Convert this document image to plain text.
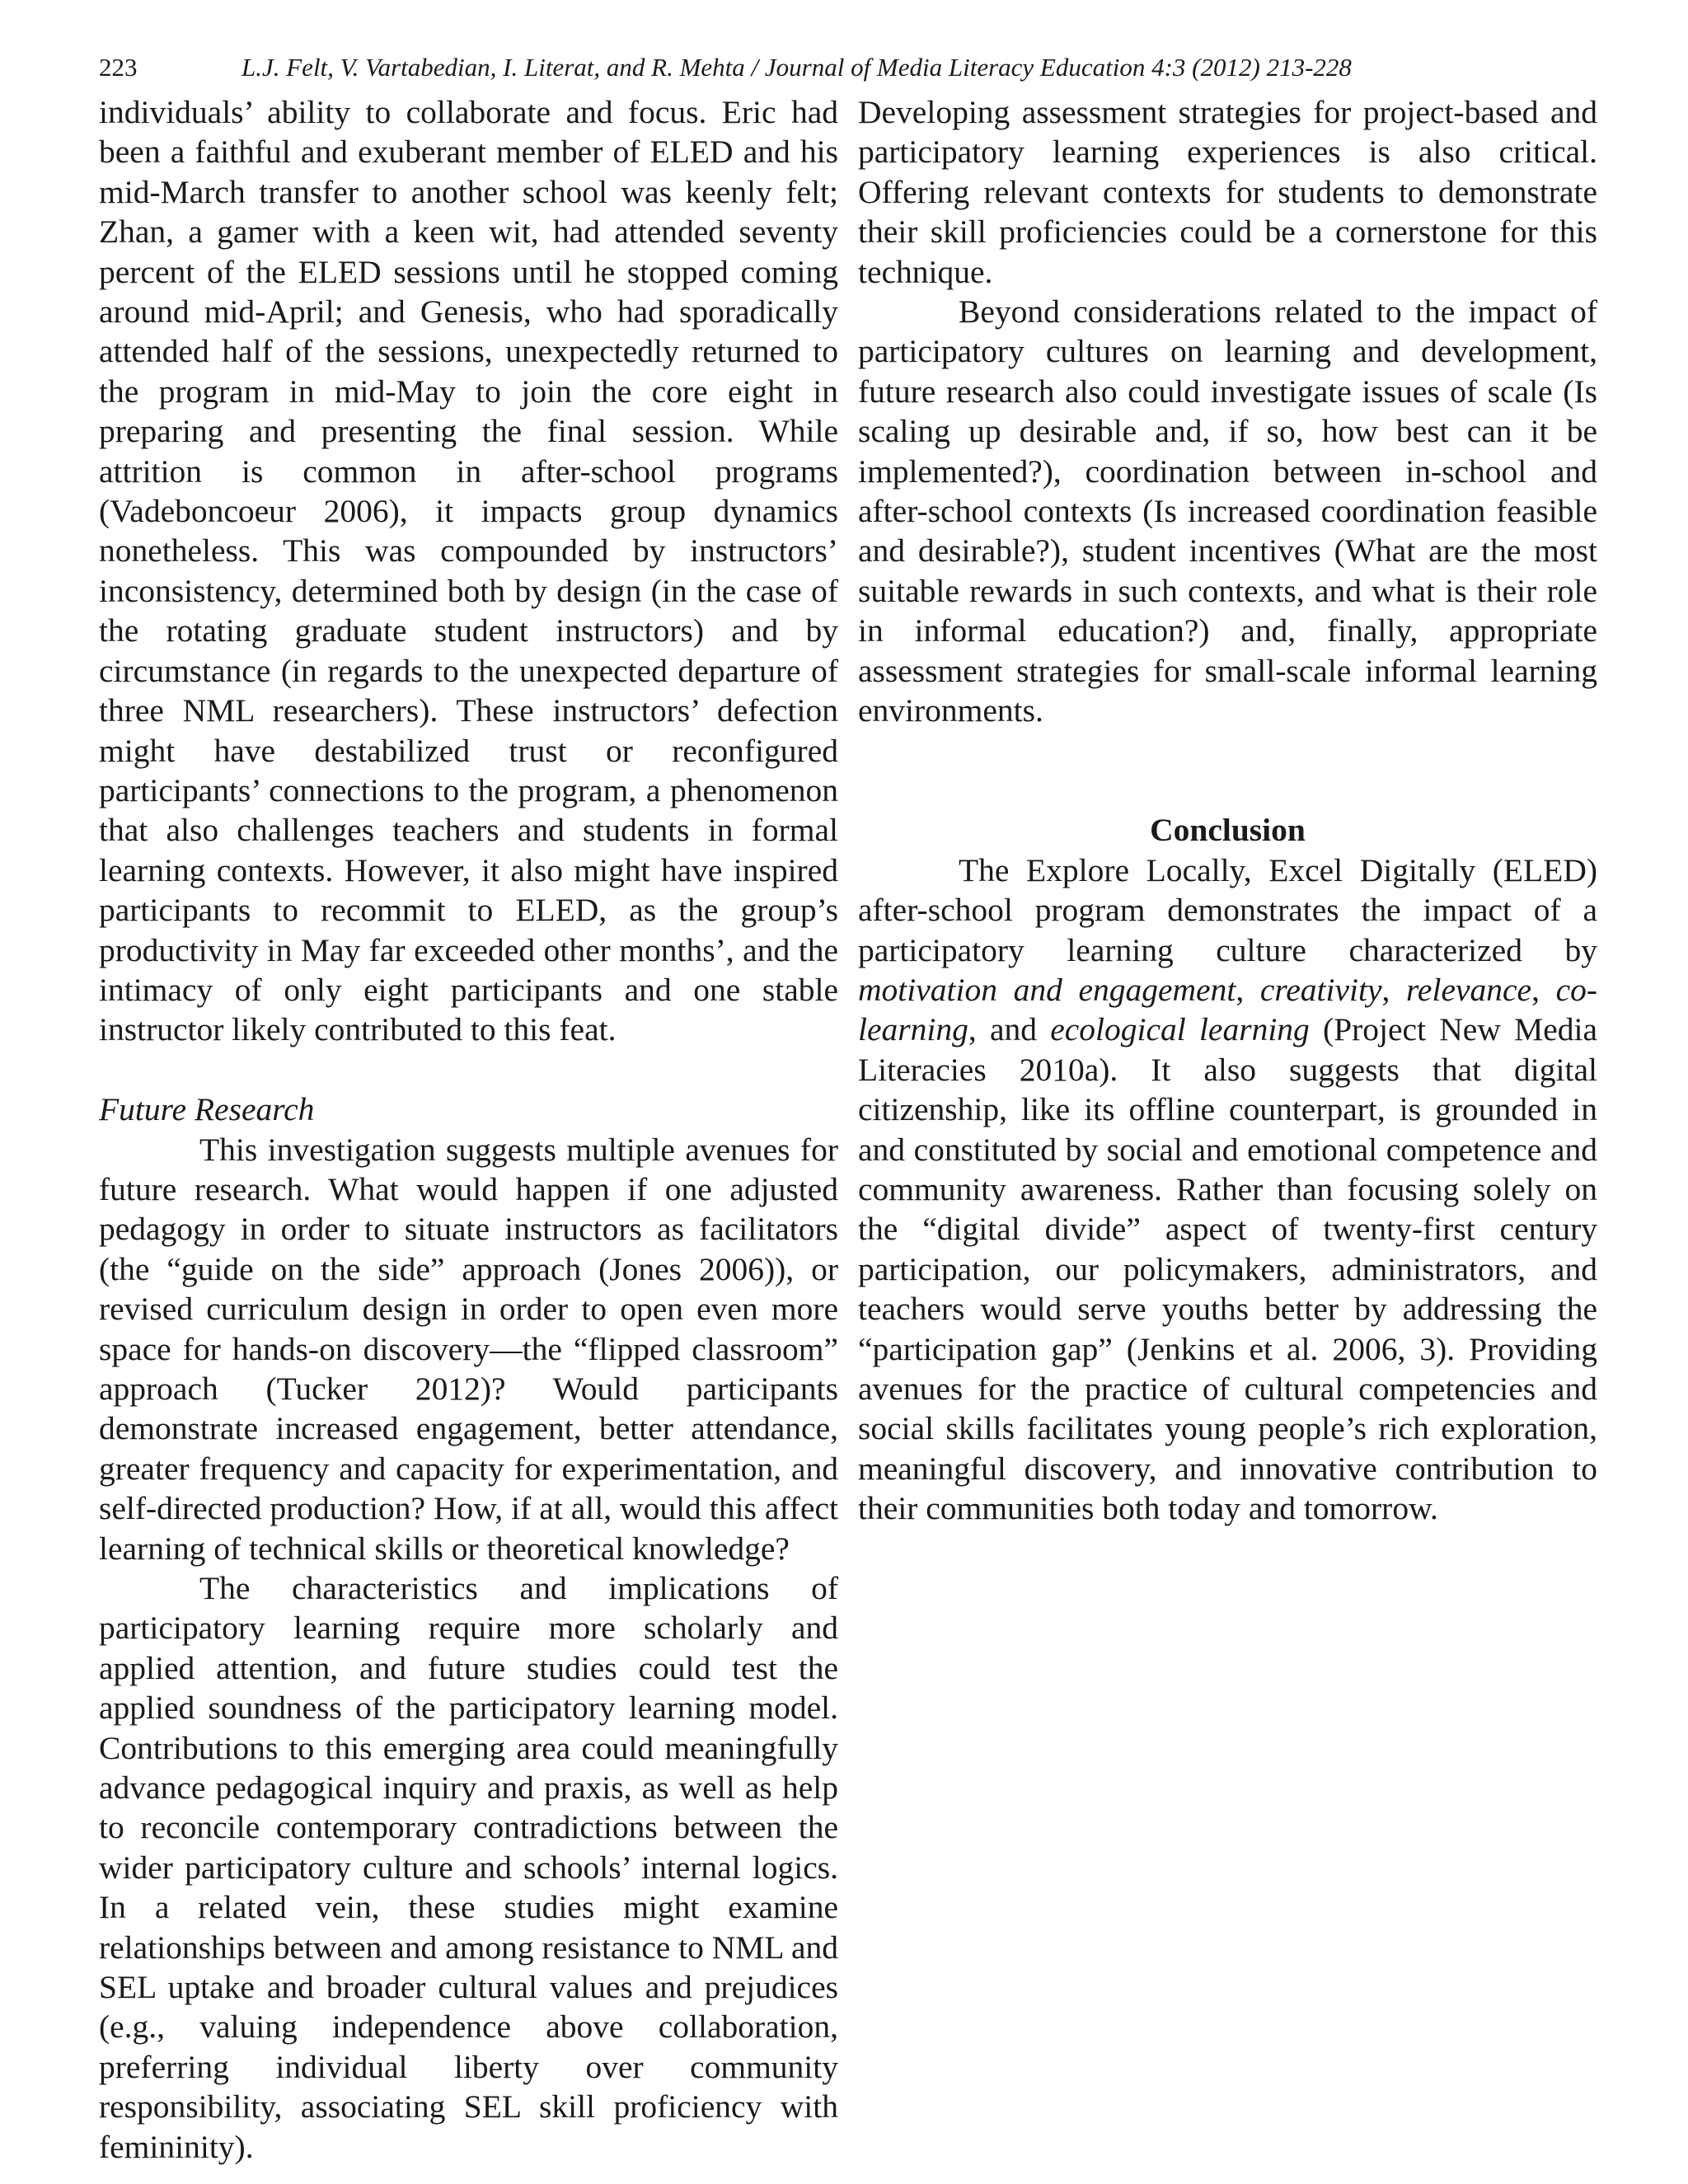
223	L.J. Felt, V. Vartabedian, I. Literat, and R. Mehta / Journal of Media Literacy Education 4:3 (2012) 213-228

individuals’ ability to collaborate and focus. Eric had been a faithful and exuberant member of ELED and his mid-March transfer to another school was keenly felt; Zhan, a gamer with a keen wit, had attended seventy percent of the ELED sessions until he stopped coming around mid-April; and Genesis, who had sporadically attended half of the sessions, unexpectedly returned to the program in mid-May to join the core eight in preparing and presenting the final session. While attrition is common in after-school programs (Vadeboncoeur 2006), it impacts group dynamics nonetheless. This was compounded by instructors’ inconsistency, determined both by design (in the case of the rotating graduate student instructors) and by circumstance (in regards to the unexpected departure of three NML researchers). These instructors’ defection might have destabilized trust or reconfigured participants’ connections to the program, a phenomenon that also challenges teachers and students in formal learning contexts. However, it also might have inspired participants to recommit to ELED, as the group’s productivity in May far exceeded other months’, and the intimacy of only eight participants and one stable instructor likely contributed to this feat.

Future Research

This investigation suggests multiple avenues for future research. What would happen if one adjusted pedagogy in order to situate instructors as facilitators (the “guide on the side” approach (Jones 2006)), or revised curriculum design in order to open even more space for hands-on discovery—the “flipped classroom” approach (Tucker 2012)? Would participants demonstrate increased engagement, better attendance, greater frequency and capacity for experimentation, and self-directed production? How, if at all, would this affect learning of technical skills or theoretical knowledge?

The characteristics and implications of participatory learning require more scholarly and applied attention, and future studies could test the applied soundness of the participatory learning model. Contributions to this emerging area could meaningfully advance pedagogical inquiry and praxis, as well as help to reconcile contemporary contradictions between the wider participatory culture and schools’ internal logics. In a related vein, these studies might examine relationships between and among resistance to NML and SEL uptake and broader cultural values and prejudices (e.g., valuing independence above collaboration, preferring individual liberty over community responsibility, associating SEL skill proficiency with femininity).

Developing assessment strategies for project-based and participatory learning experiences is also critical. Offering relevant contexts for students to demonstrate their skill proficiencies could be a cornerstone for this technique.

Beyond considerations related to the impact of participatory cultures on learning and development, future research also could investigate issues of scale (Is scaling up desirable and, if so, how best can it be implemented?), coordination between in-school and after-school contexts (Is increased coordination feasible and desirable?), student incentives (What are the most suitable rewards in such contexts, and what is their role in informal education?) and, finally, appropriate assessment strategies for small-scale informal learning environments.

Conclusion

The Explore Locally, Excel Digitally (ELED) after-school program demonstrates the impact of a participatory learning culture characterized by motivation and engagement, creativity, relevance, co-learning, and ecological learning (Project New Media Literacies 2010a). It also suggests that digital citizenship, like its offline counterpart, is grounded in and constituted by social and emotional competence and community awareness. Rather than focusing solely on the “digital divide” aspect of twenty-first century participation, our policymakers, administrators, and teachers would serve youths better by addressing the “participation gap” (Jenkins et al. 2006, 3). Providing avenues for the practice of cultural competencies and social skills facilitates young people’s rich exploration, meaningful discovery, and innovative contribution to their communities both today and tomorrow.
